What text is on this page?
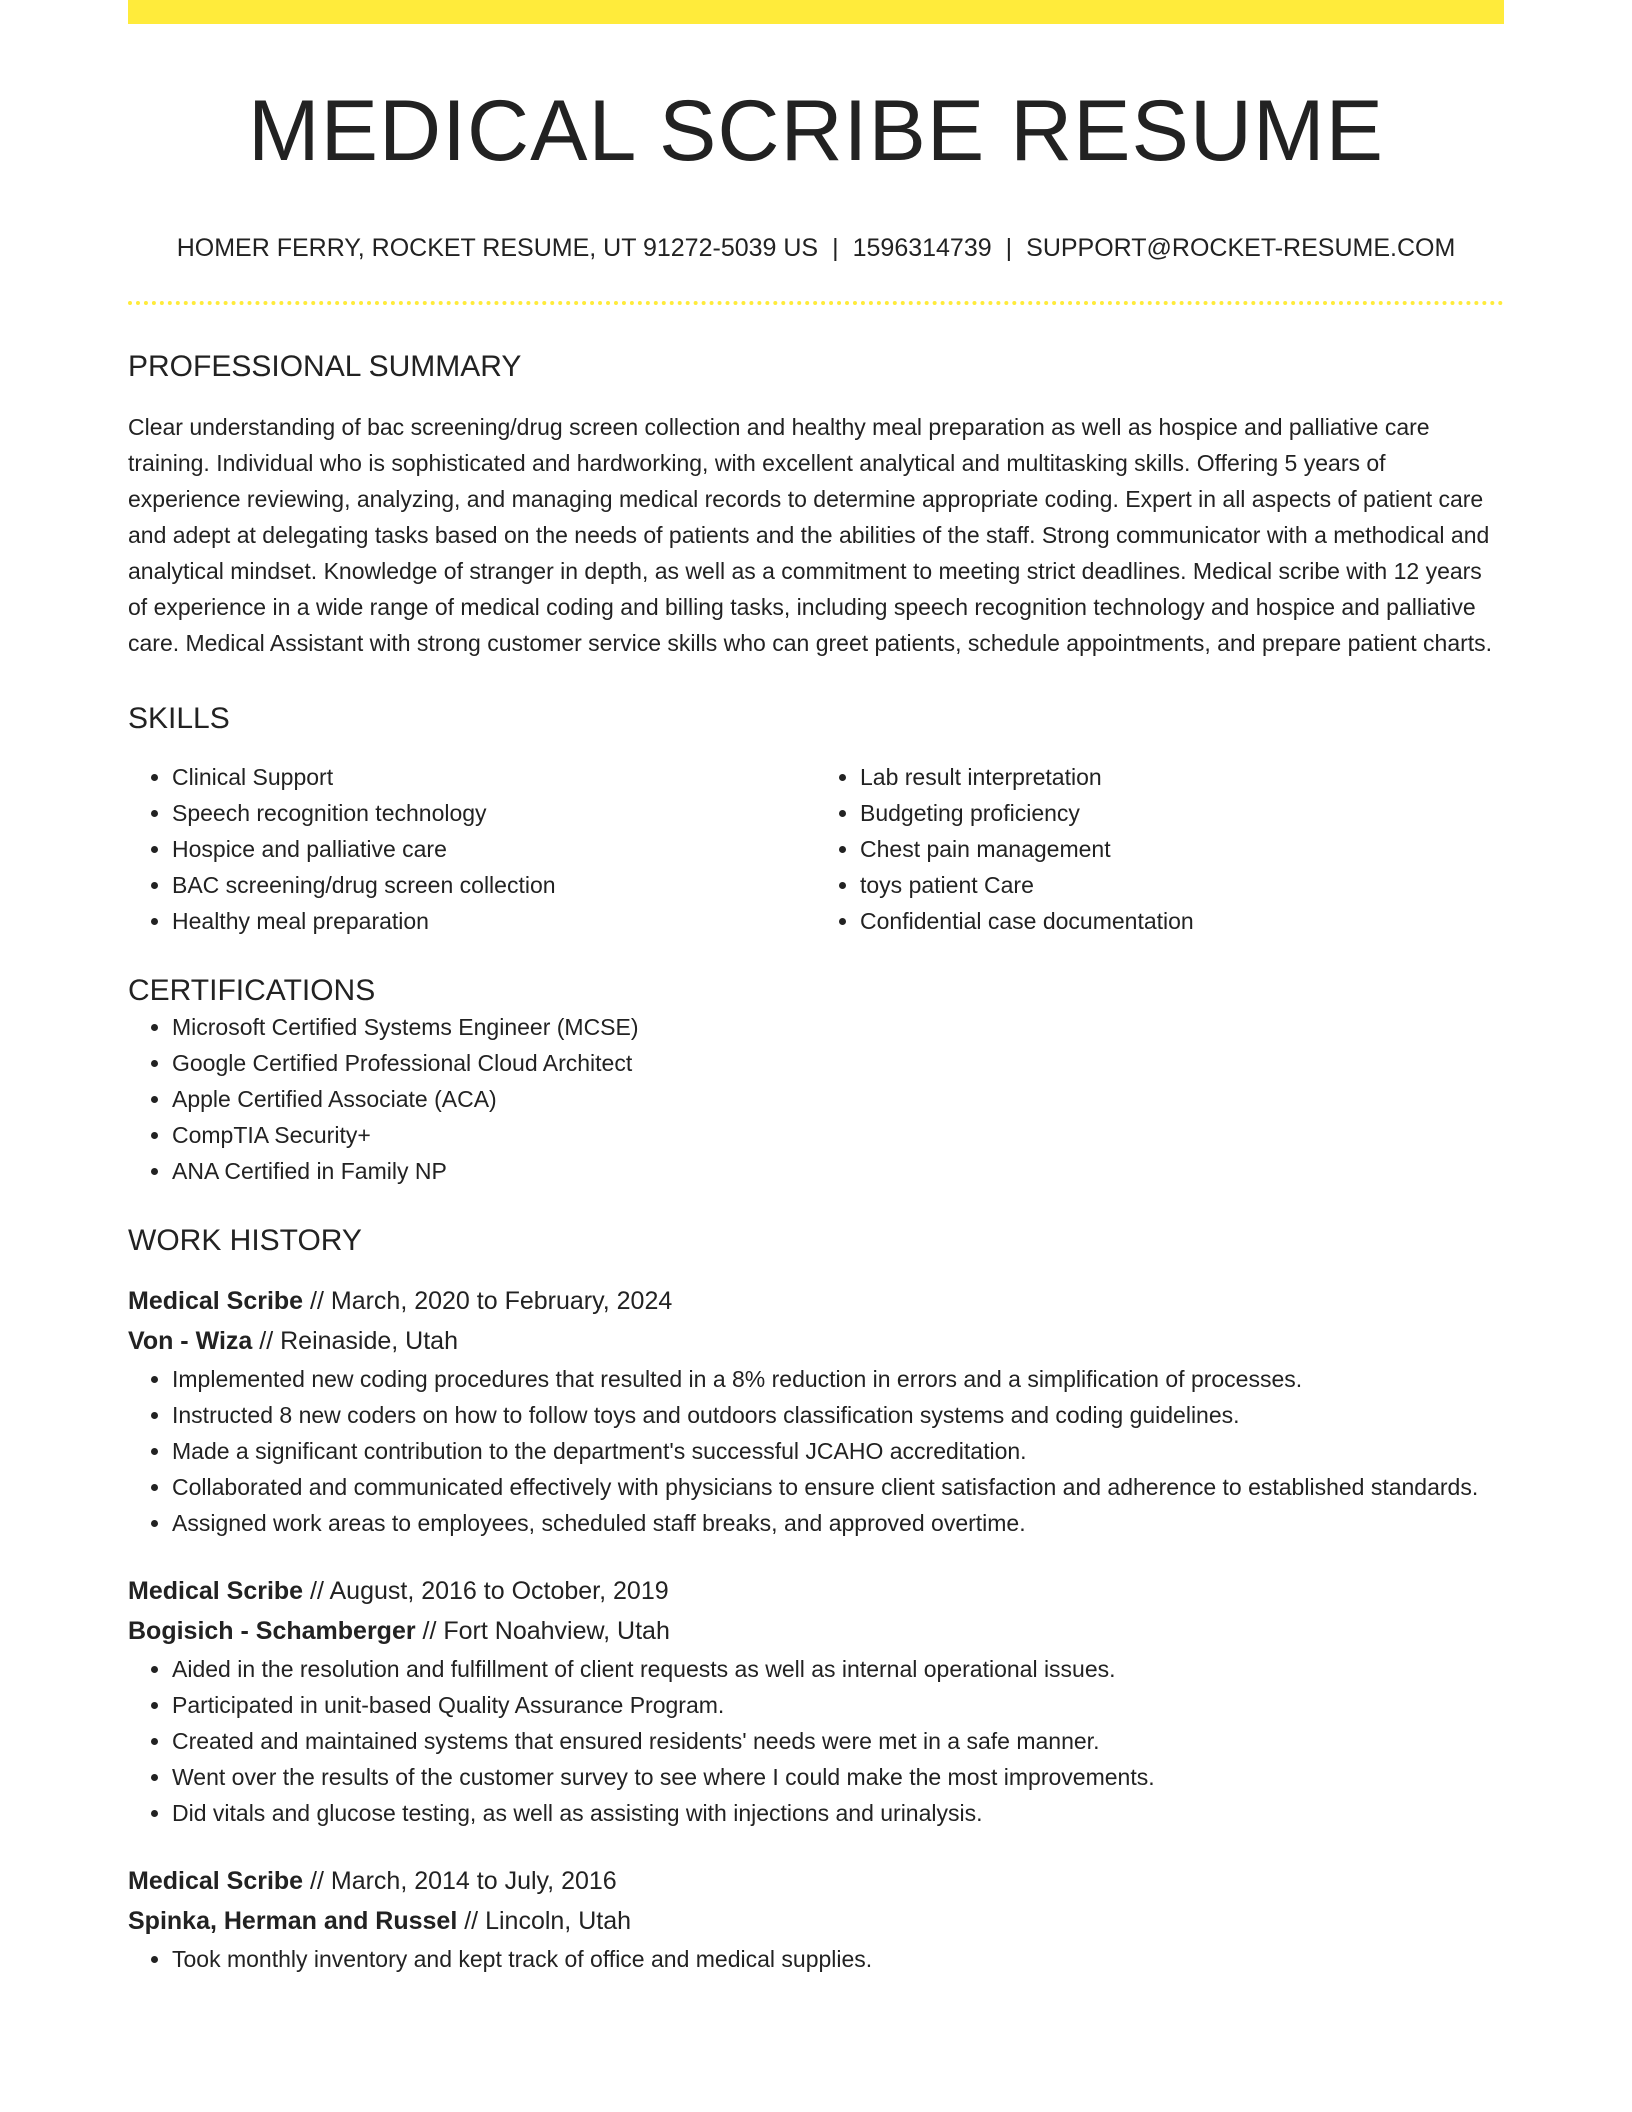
MEDICAL SCRIBE RESUME
HOMER FERRY, ROCKET RESUME, UT 91272-5039 US | 1596314739 | SUPPORT@ROCKET-RESUME.COM
PROFESSIONAL SUMMARY
Clear understanding of bac screening/drug screen collection and healthy meal preparation as well as hospice and palliative care training. Individual who is sophisticated and hardworking, with excellent analytical and multitasking skills. Offering 5 years of experience reviewing, analyzing, and managing medical records to determine appropriate coding. Expert in all aspects of patient care and adept at delegating tasks based on the needs of patients and the abilities of the staff. Strong communicator with a methodical and analytical mindset. Knowledge of stranger in depth, as well as a commitment to meeting strict deadlines. Medical scribe with 12 years of experience in a wide range of medical coding and billing tasks, including speech recognition technology and hospice and palliative care. Medical Assistant with strong customer service skills who can greet patients, schedule appointments, and prepare patient charts.
SKILLS
• Clinical Support
• Speech recognition technology
• Hospice and palliative care
• BAC screening/drug screen collection
• Healthy meal preparation
• Lab result interpretation
• Budgeting proficiency
• Chest pain management
• toys patient Care
• Confidential case documentation
CERTIFICATIONS
• Microsoft Certified Systems Engineer (MCSE)
• Google Certified Professional Cloud Architect
• Apple Certified Associate (ACA)
• CompTIA Security+
• ANA Certified in Family NP
WORK HISTORY
Medical Scribe // March, 2020 to February, 2024
Von - Wiza // Reinaside, Utah
• Implemented new coding procedures that resulted in a 8% reduction in errors and a simplification of processes.
• Instructed 8 new coders on how to follow toys and outdoors classification systems and coding guidelines.
• Made a significant contribution to the department's successful JCAHO accreditation.
• Collaborated and communicated effectively with physicians to ensure client satisfaction and adherence to established standards.
• Assigned work areas to employees, scheduled staff breaks, and approved overtime.
Medical Scribe // August, 2016 to October, 2019
Bogisich - Schamberger // Fort Noahview, Utah
• Aided in the resolution and fulfillment of client requests as well as internal operational issues.
• Participated in unit-based Quality Assurance Program.
• Created and maintained systems that ensured residents' needs were met in a safe manner.
• Went over the results of the customer survey to see where I could make the most improvements.
• Did vitals and glucose testing, as well as assisting with injections and urinalysis.
Medical Scribe // March, 2014 to July, 2016
Spinka, Herman and Russel // Lincoln, Utah
• Took monthly inventory and kept track of office and medical supplies.
